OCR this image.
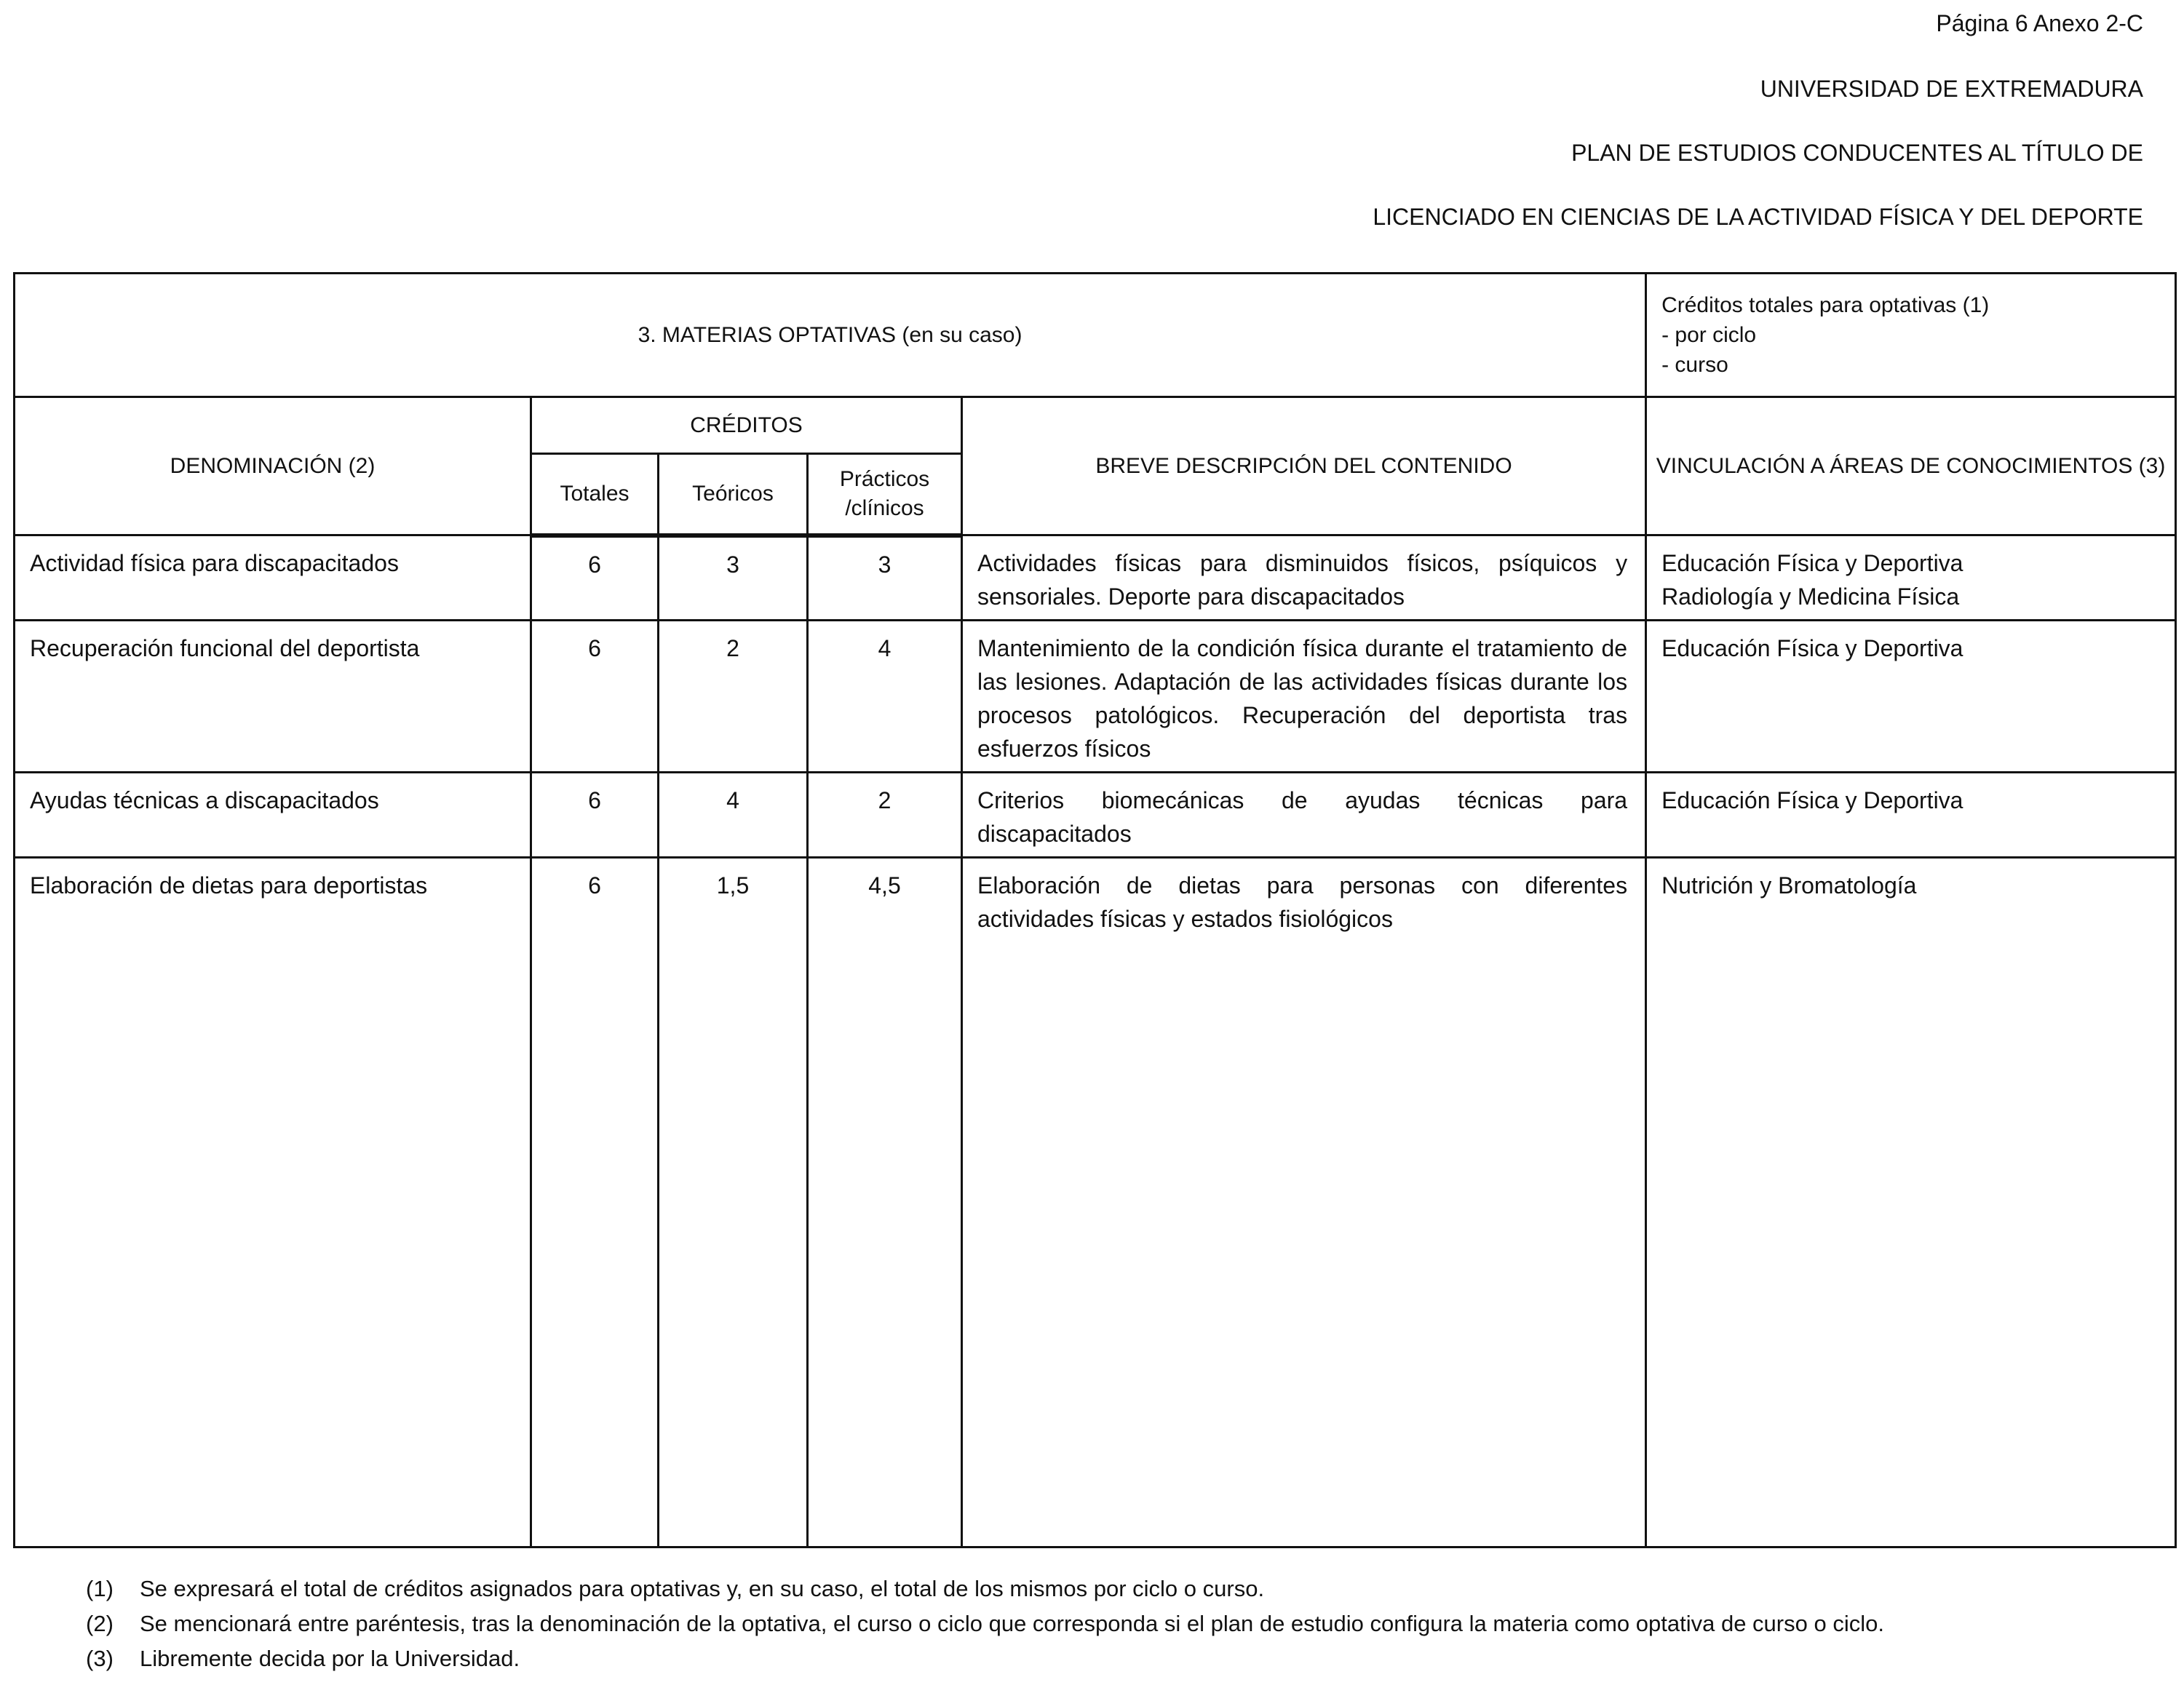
Página 6 Anexo 2-C
UNIVERSIDAD DE EXTREMADURA
PLAN DE ESTUDIOS CONDUCENTES AL TÍTULO DE
LICENCIADO EN CIENCIAS DE LA ACTIVIDAD FÍSICA Y DEL DEPORTE
3. MATERIAS OPTATIVAS (en su caso)					Créditos totales para optativas (1)
- por ciclo
- curso

DENOMINACIÓN (2)	CRÉDITOS			BREVE DESCRIPCIÓN DEL CONTENIDO	VINCULACIÓN A ÁREAS DE CONOCIMIENTOS (3)
	Totales	Teóricos	Prácticos
/clínicos		

Actividad física para discapacitados	6	3	3	Actividades físicas para disminuidos físicos, psíquicos y sensoriales. Deporte para discapacitados	Educación Física y Deportiva
Radiología y Medicina Física

Recuperación funcional del deportista	6	2	4	Mantenimiento de la condición física durante el tratamiento de las lesiones. Adaptación de las actividades físicas durante los procesos patológicos. Recuperación del deportista tras esfuerzos físicos	Educación Física y Deportiva

Ayudas técnicas a discapacitados	6	4	2	Criterios biomecánicas de ayudas técnicas para discapacitados	Educación Física y Deportiva

Elaboración de dietas para deportistas	6	1,5	4,5	Elaboración de dietas para personas con diferentes actividades físicas y estados fisiológicos	Nutrición y Bromatología
(1)	Se expresará el total de créditos asignados para optativas y, en su caso, el total de los mismos por ciclo o curso.
(2)	Se mencionará entre paréntesis, tras la denominación de la optativa, el curso o ciclo que corresponda si el plan de estudio configura la materia como optativa de curso o ciclo.
(3)	Libremente decida por la Universidad.
